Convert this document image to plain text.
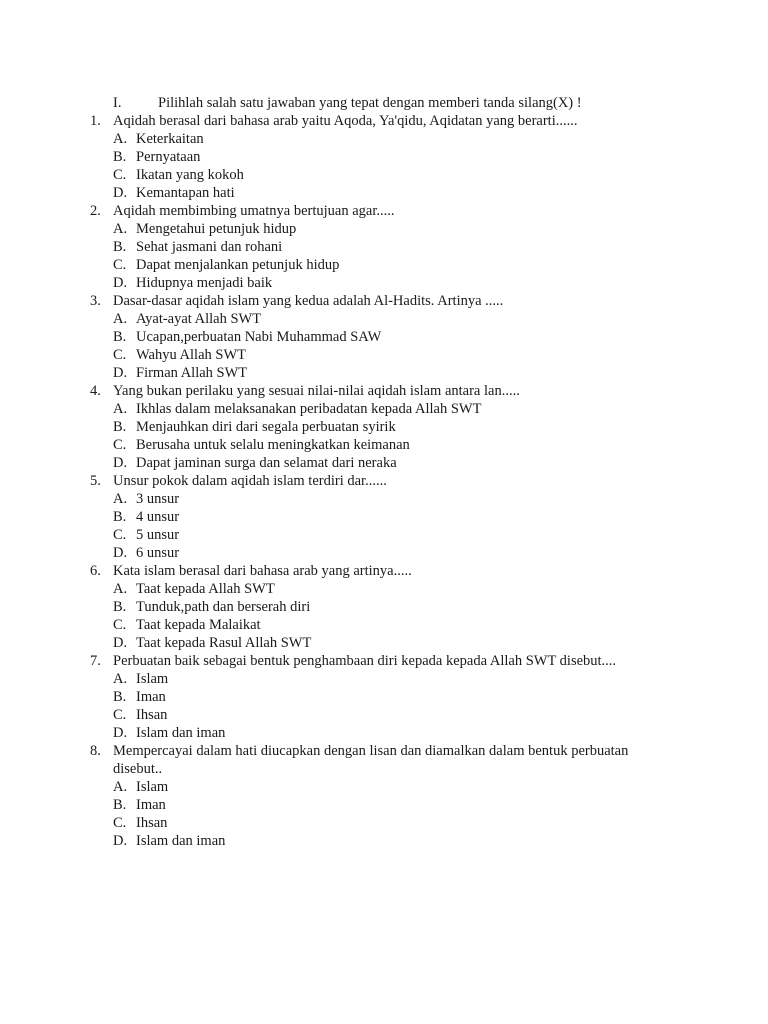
I.	Pilihlah salah satu jawaban yang tepat dengan memberi tanda silang(X) !
1. Aqidah berasal dari bahasa arab yaitu Aqoda, Ya'qidu, Aqidatan yang berarti......
A. Keterkaitan
B. Pernyataan
C. Ikatan yang kokoh
D. Kemantapan hati
2. Aqidah membimbing umatnya bertujuan agar.....
A. Mengetahui petunjuk hidup
B. Sehat jasmani dan rohani
C. Dapat menjalankan petunjuk hidup
D. Hidupnya menjadi baik
3. Dasar-dasar aqidah islam yang kedua adalah Al-Hadits. Artinya .....
A. Ayat-ayat Allah SWT
B. Ucapan,perbuatan Nabi Muhammad SAW
C. Wahyu Allah SWT
D. Firman Allah SWT
4. Yang bukan perilaku yang sesuai nilai-nilai aqidah islam antara lan.....
A. Ikhlas dalam melaksanakan peribadatan kepada Allah SWT
B. Menjauhkan diri dari segala perbuatan syirik
C. Berusaha untuk selalu meningkatkan keimanan
D. Dapat jaminan surga dan selamat dari neraka
5. Unsur pokok dalam aqidah islam terdiri dar......
A. 3 unsur
B. 4 unsur
C. 5 unsur
D. 6 unsur
6. Kata islam berasal dari bahasa arab yang artinya.....
A. Taat kepada Allah SWT
B. Tunduk,path dan berserah diri
C. Taat kepada Malaikat
D. Taat kepada Rasul Allah SWT
7. Perbuatan baik sebagai bentuk penghambaan diri kepada kepada Allah SWT disebut....
A. Islam
B. Iman
C. Ihsan
D. Islam dan iman
8. Mempercayai dalam hati diucapkan dengan lisan dan diamalkan dalam bentuk perbuatan
disebut..
A. Islam
B. Iman
C. Ihsan
D. Islam dan iman
